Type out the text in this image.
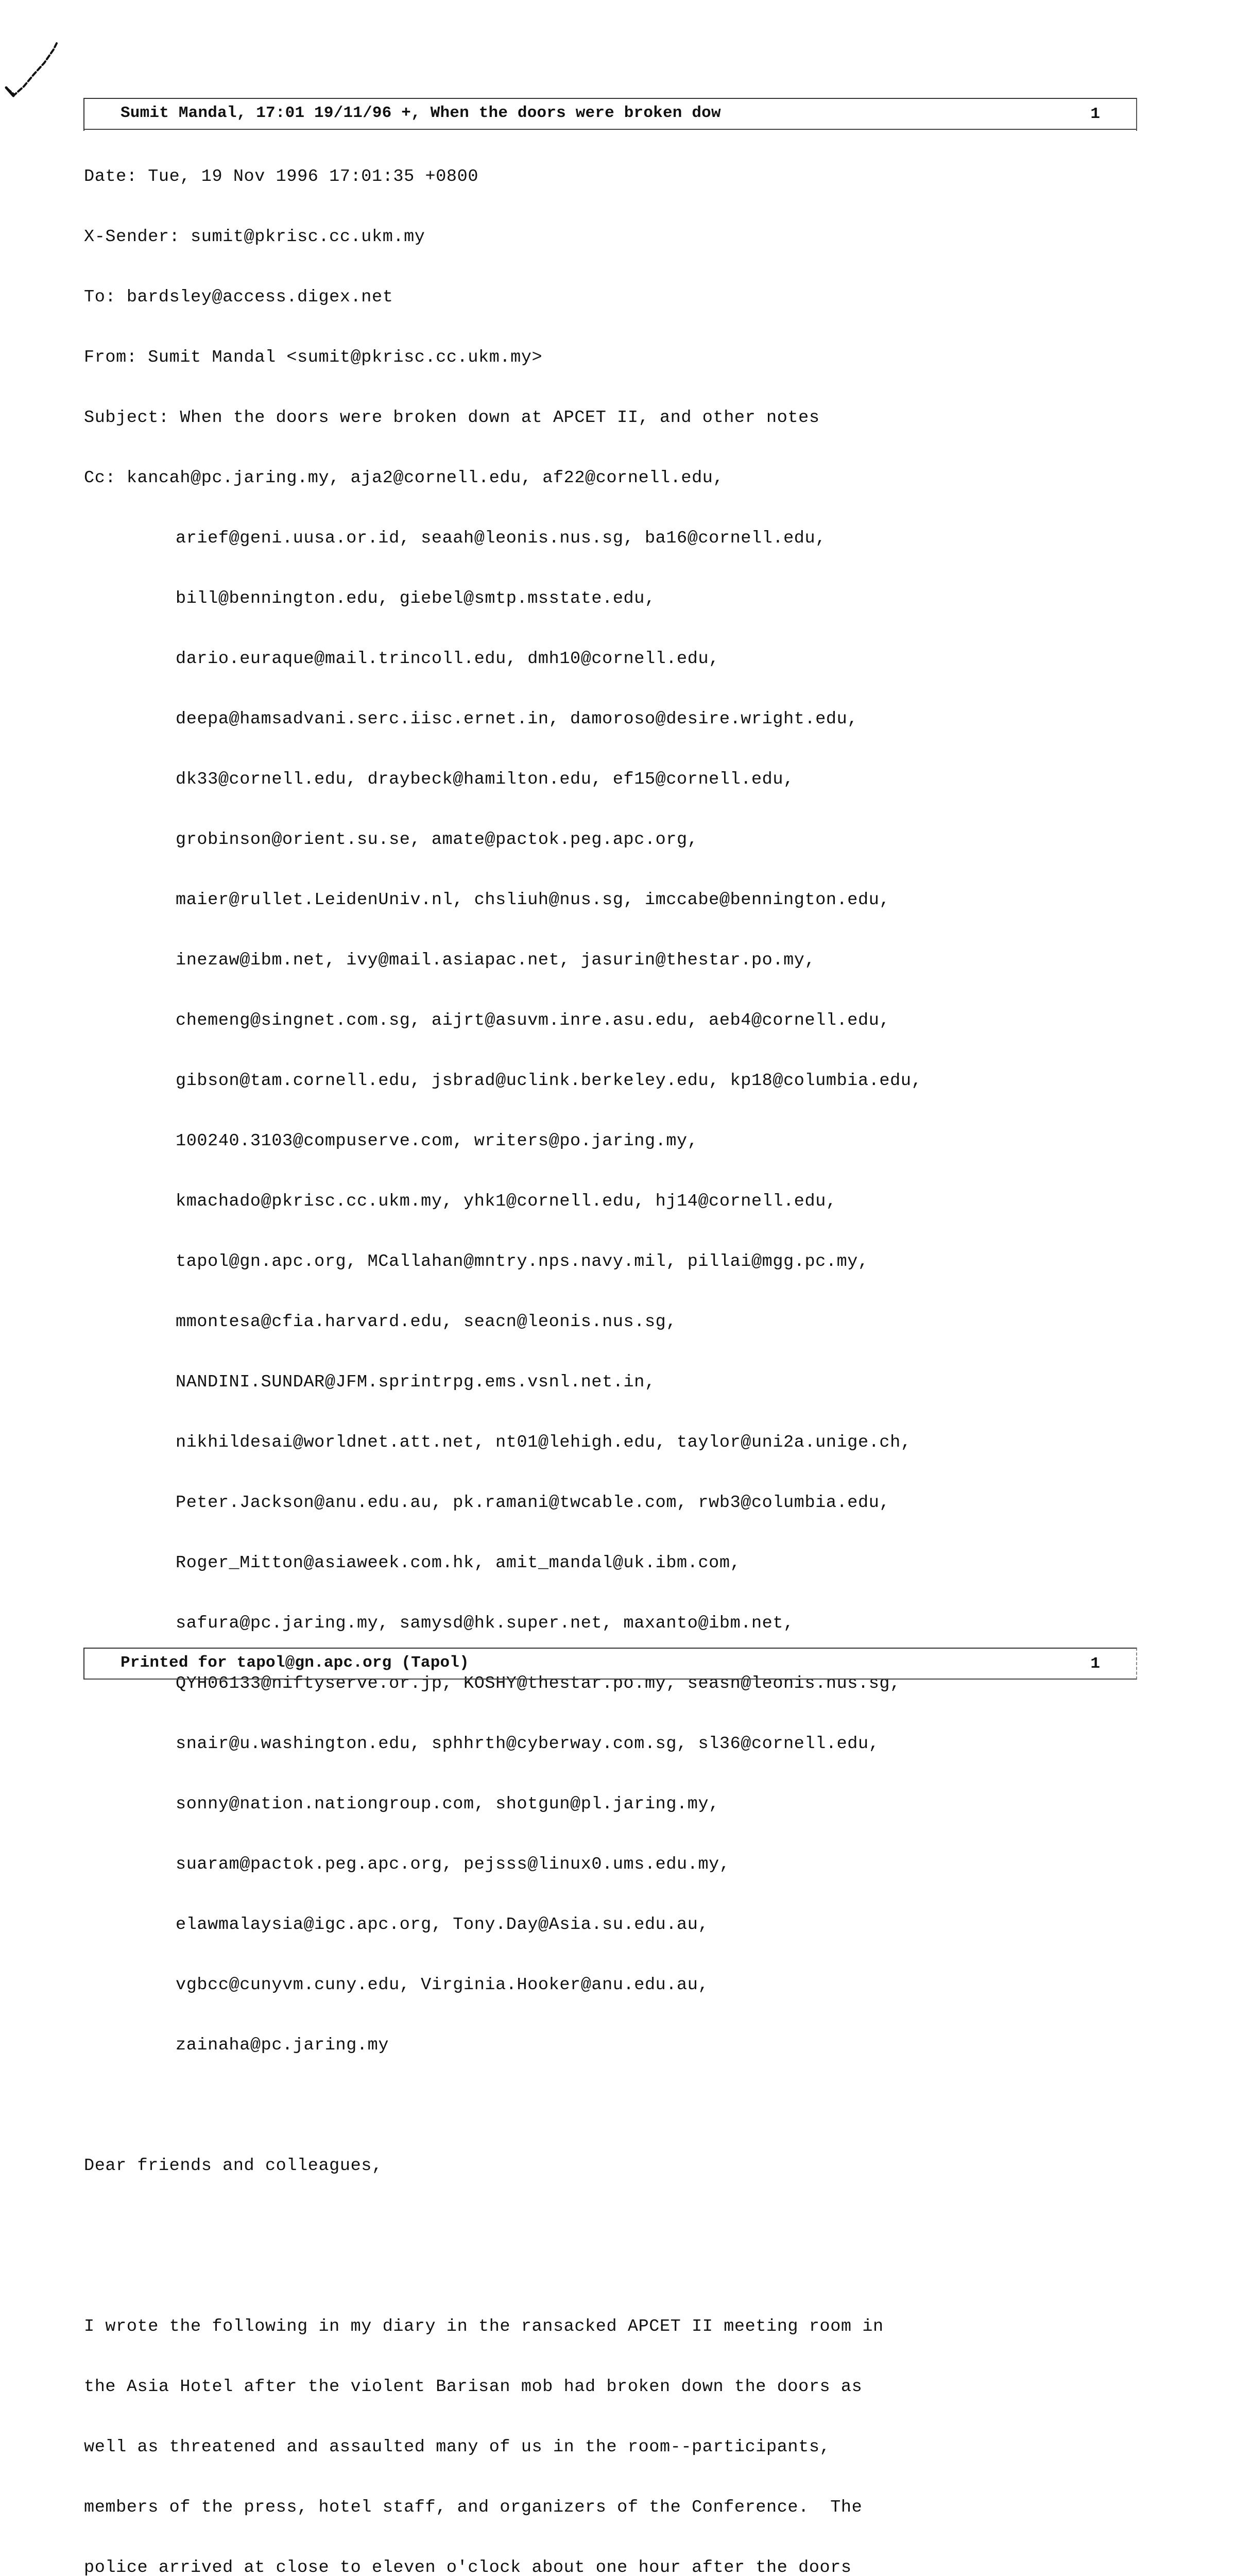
Sumit Mandal, 17:01 19/11/96 +, When the doors were broken dow	1

Date: Tue, 19 Nov 1996 17:01:35 +0800

X-Sender: sumit@pkrisc.cc.ukm.my

To: bardsley@access.digex.net

From: Sumit Mandal <sumit@pkrisc.cc.ukm.my>

Subject: When the doors were broken down at APCET II, and other notes

Cc: kancah@pc.jaring.my, aja2@cornell.edu, af22@cornell.edu,

arief@geni.uusa.or.id, seaah@leonis.nus.sg, ba16@cornell.edu,

bill@bennington.edu, giebel@smtp.msstate.edu,

dario.euraque@mail.trincoll.edu, dmh10@cornell.edu,

deepa@hamsadvani.serc.iisc.ernet.in, damoroso@desire.wright.edu,

dk33@cornell.edu, draybeck@hamilton.edu, ef15@cornell.edu,

grobinson@orient.su.se, amate@pactok.peg.apc.org,

maier@rullet.LeidenUniv.nl, chsliuh@nus.sg, imccabe@bennington.edu,

inezaw@ibm.net, ivy@mail.asiapac.net, jasurin@thestar.po.my,

chemeng@singnet.com.sg, aijrt@asuvm.inre.asu.edu, aeb4@cornell.edu,

gibson@tam.cornell.edu, jsbrad@uclink.berkeley.edu, kp18@columbia.edu,

100240.3103@compuserve.com, writers@po.jaring.my,

kmachado@pkrisc.cc.ukm.my, yhk1@cornell.edu, hj14@cornell.edu,

tapol@gn.apc.org, MCallahan@mntry.nps.navy.mil, pillai@mgg.pc.my,

mmontesa@cfia.harvard.edu, seacn@leonis.nus.sg,

NANDINI.SUNDAR@JFM.sprintrpg.ems.vsnl.net.in,

nikhildesai@worldnet.att.net, nt01@lehigh.edu, taylor@uni2a.unige.ch,

Peter.Jackson@anu.edu.au, pk.ramani@twcable.com, rwb3@columbia.edu,

Roger_Mitton@asiaweek.com.hk, amit_mandal@uk.ibm.com,

safura@pc.jaring.my, samysd@hk.super.net, maxanto@ibm.net,

QYH06133@niftyserve.or.jp, KOSHY@thestar.po.my, seasn@leonis.nus.sg,

snair@u.washington.edu, sphhrth@cyberway.com.sg, sl36@cornell.edu,

sonny@nation.nationgroup.com, shotgun@pl.jaring.my,

suaram@pactok.peg.apc.org, pejsss@linux0.ums.edu.my,

elawmalaysia@igc.apc.org, Tony.Day@Asia.su.edu.au,

vgbcc@cunyvm.cuny.edu, Virginia.Hooker@anu.edu.au,

zainaha@pc.jaring.my

Dear friends and colleagues,

I wrote the following in my diary in the ransacked APCET II meeting room in

the Asia Hotel after the violent Barisan mob had broken down the doors as

well as threatened and assaulted many of us in the room--participants,

members of the press, hotel staff, and organizers of the Conference.  The

police arrived at close to eleven o'clock about one hour after the doors

Printed for tapol@gn.apc.org (Tapol)	1
